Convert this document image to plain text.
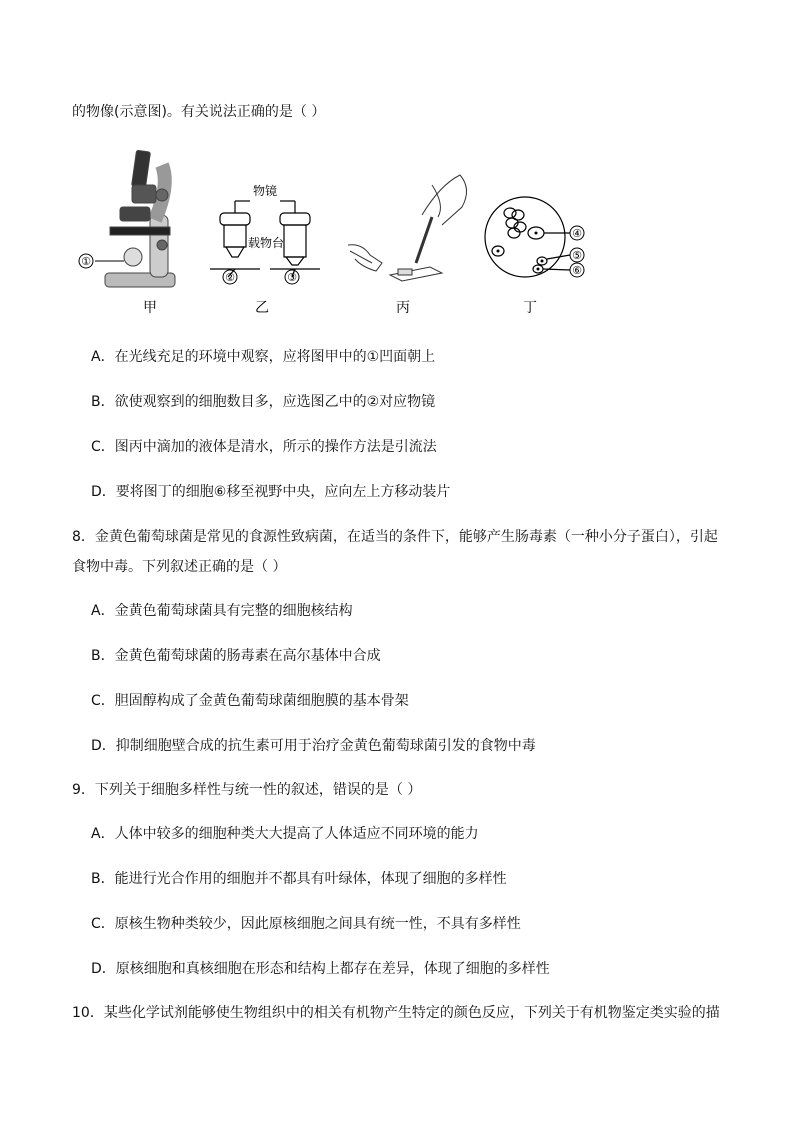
的物像(示意图)。有关说法正确的是（ ）
①
物镜
载物台
②	③
④
⑤
⑥
甲	乙	丙	丁
A．在光线充足的环境中观察，应将图甲中的①凹面朝上
B．欲使观察到的细胞数目多，应选图乙中的②对应物镜
C．图丙中滴加的液体是清水，所示的操作方法是引流法
D．要将图丁的细胞⑥移至视野中央，应向左上方移动装片
8．金黄色葡萄球菌是常见的食源性致病菌，在适当的条件下，能够产生肠毒素（一种小分子蛋白），引起
食物中毒。下列叙述正确的是（ ）
A．金黄色葡萄球菌具有完整的细胞核结构
B．金黄色葡萄球菌的肠毒素在高尔基体中合成
C．胆固醇构成了金黄色葡萄球菌细胞膜的基本骨架
D．抑制细胞壁合成的抗生素可用于治疗金黄色葡萄球菌引发的食物中毒
9．下列关于细胞多样性与统一性的叙述，错误的是（ ）
A．人体中较多的细胞种类大大提高了人体适应不同环境的能力
B．能进行光合作用的细胞并不都具有叶绿体，体现了细胞的多样性
C．原核生物种类较少，因此原核细胞之间具有统一性，不具有多样性
D．原核细胞和真核细胞在形态和结构上都存在差异，体现了细胞的多样性
10．某些化学试剂能够使生物组织中的相关有机物产生特定的颜色反应，下列关于有机物鉴定类实验的描
